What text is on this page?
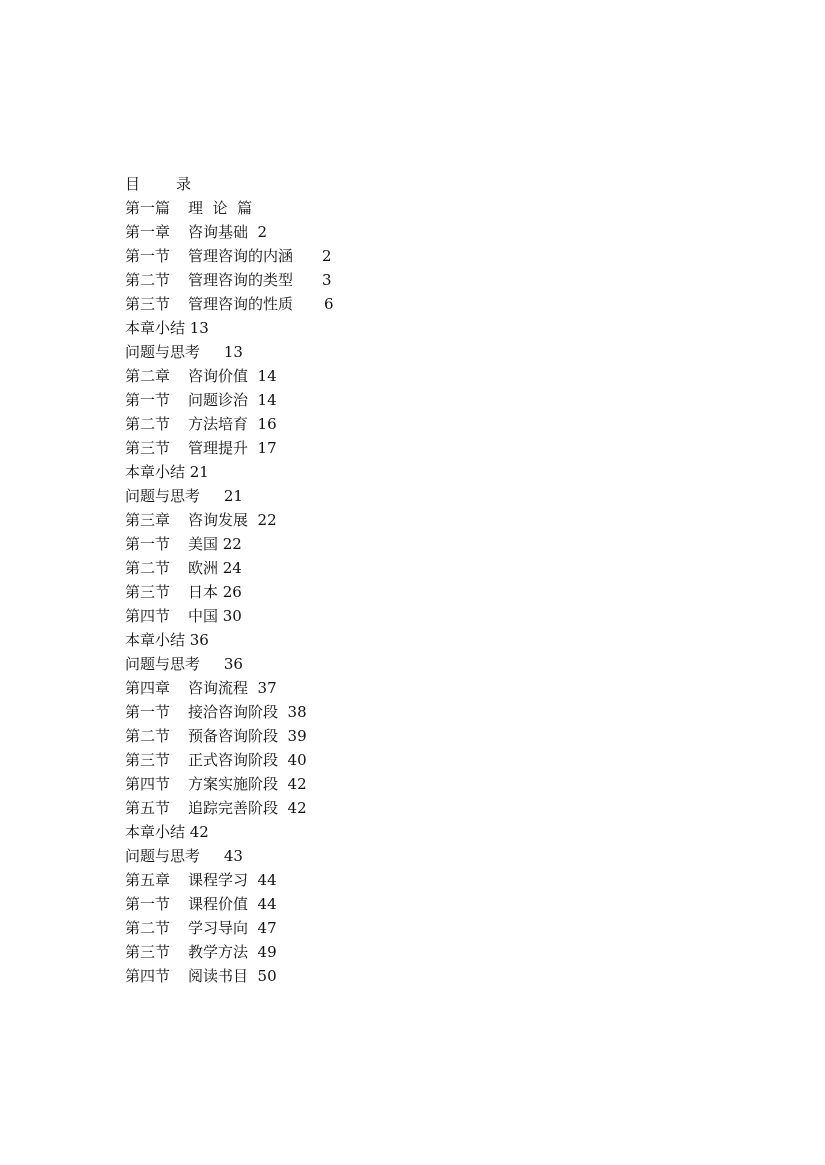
目

录

第一篇

理  论  篇

第一章

咨询基础  2

第一节

管理咨询的内涵

2

第二节

管理咨询的类型

3

第三节

管理咨询的性质

6

本章小结 13

问题与思考     13

第二章

咨询价值  14

第一节

问题诊治  14

第二节

方法培育  16

第三节

管理提升  17

本章小结 21

问题与思考     21

第三章

咨询发展  22

第一节

美国 22

第二节

欧洲 24

第三节

日本 26

第四节

中国 30

本章小结 36

问题与思考     36

第四章

咨询流程  37

第一节

接洽咨询阶段  38

第二节

预备咨询阶段  39

第三节

正式咨询阶段  40

第四节

方案实施阶段  42

第五节

追踪完善阶段  42

本章小结 42

问题与思考     43

第五章

课程学习  44

第一节

课程价值  44

第二节

学习导向  47

第三节

教学方法  49

第四节

阅读书目  50
